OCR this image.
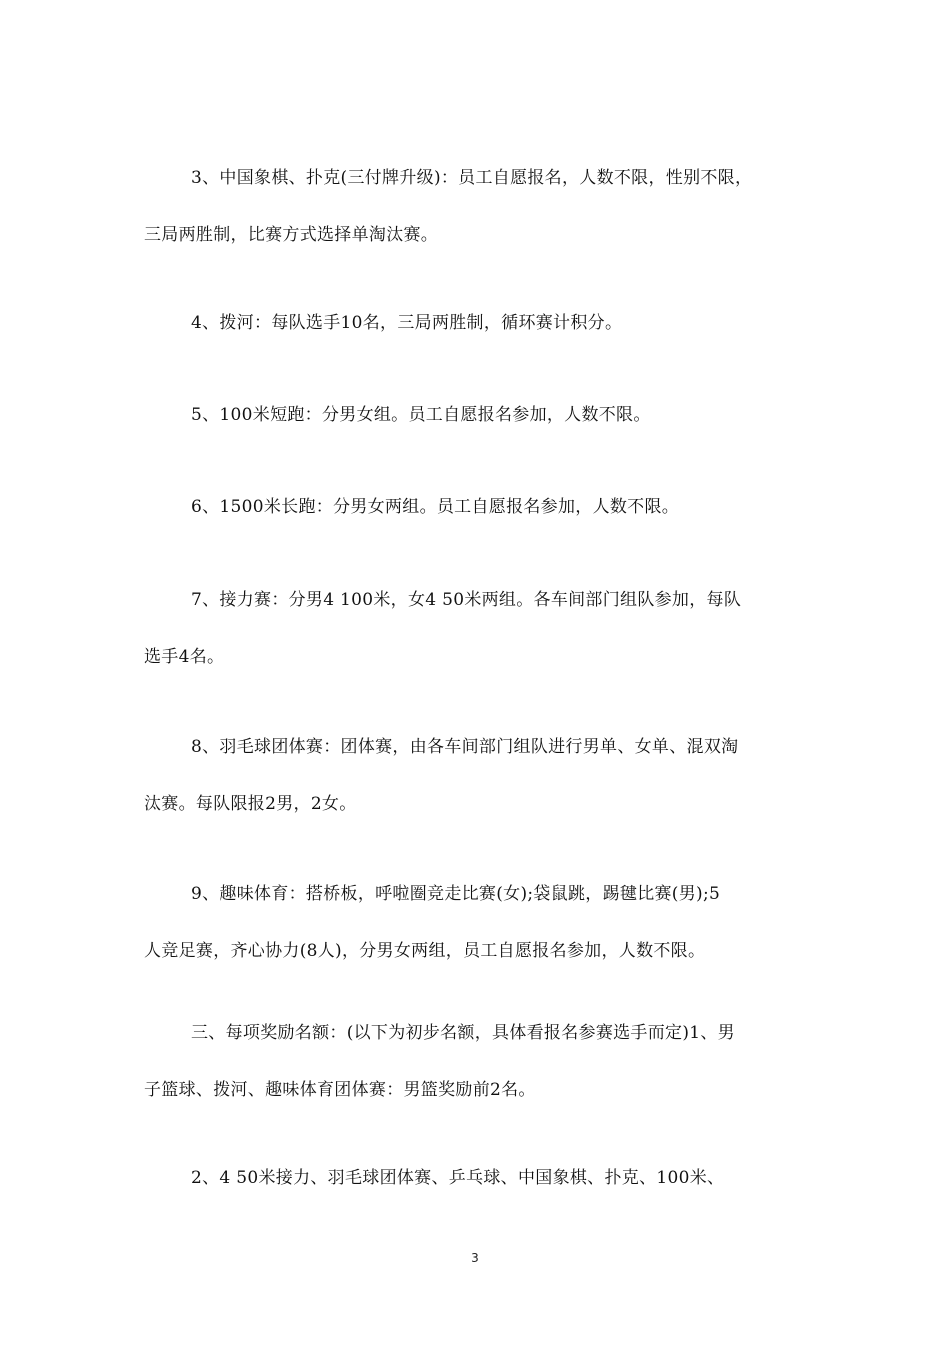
3、中国象棋、扑克(三付牌升级)：员工自愿报名，人数不限，性别不限，
三局两胜制，比赛方式选择单淘汰赛。
4、拨河：每队选手10名，三局两胜制，循环赛计积分。
5、100米短跑：分男女组。员工自愿报名参加，人数不限。
6、1500米长跑：分男女两组。员工自愿报名参加，人数不限。
7、接力赛：分男4 100米，女4 50米两组。各车间部门组队参加，每队
选手4名。
8、羽毛球团体赛：团体赛，由各车间部门组队进行男单、女单、混双淘
汰赛。每队限报2男，2女。
9、趣味体育：搭桥板，呼啦圈竞走比赛(女);袋鼠跳，踢毽比赛(男);5
人竞足赛，齐心协力(8人)，分男女两组，员工自愿报名参加，人数不限。
三、每项奖励名额：(以下为初步名额，具体看报名参赛选手而定)1、男
子篮球、拨河、趣味体育团体赛：男篮奖励前2名。
2、4 50米接力、羽毛球团体赛、乒乓球、中国象棋、扑克、100米、
3
